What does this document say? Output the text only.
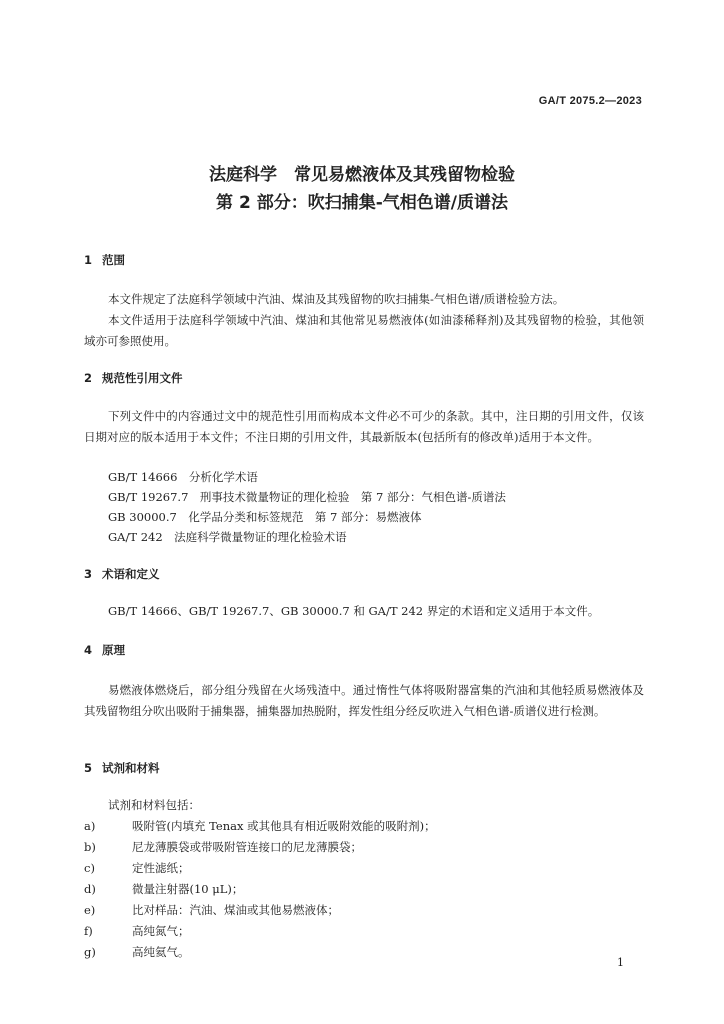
GA/T 2075.2—2023
法庭科学　常见易燃液体及其残留物检验
第 2 部分：吹扫捕集-气相色谱/质谱法
1 范围
本文件规定了法庭科学领域中汽油、煤油及其残留物的吹扫捕集-气相色谱/质谱检验方法。
本文件适用于法庭科学领域中汽油、煤油和其他常见易燃液体(如油漆稀释剂)及其残留物的检验，其他领域亦可参照使用。
2 规范性引用文件
下列文件中的内容通过文中的规范性引用而构成本文件必不可少的条款。其中，注日期的引用文件，仅该日期对应的版本适用于本文件；不注日期的引用文件，其最新版本(包括所有的修改单)适用于本文件。
GB/T 14666　分析化学术语
GB/T 19267.7　刑事技术微量物证的理化检验　第 7 部分：气相色谱-质谱法
GB 30000.7　化学品分类和标签规范　第 7 部分：易燃液体
GA/T 242　法庭科学微量物证的理化检验术语
3 术语和定义
GB/T 14666、GB/T 19267.7、GB 30000.7 和 GA/T 242 界定的术语和定义适用于本文件。
4 原理
易燃液体燃烧后，部分组分残留在火场残渣中。通过惰性气体将吸附器富集的汽油和其他轻质易燃液体及其残留物组分吹出吸附于捕集器，捕集器加热脱附，挥发性组分经反吹进入气相色谱-质谱仪进行检测。
5 试剂和材料
试剂和材料包括：
a)	吸附管(内填充 Tenax 或其他具有相近吸附效能的吸附剂)；
b)	尼龙薄膜袋或带吸附管连接口的尼龙薄膜袋；
c)	定性滤纸；
d)	微量注射器(10 μL)；
e)	比对样品：汽油、煤油或其他易燃液体；
f)	高纯氮气；
g)	高纯氦气。
1
